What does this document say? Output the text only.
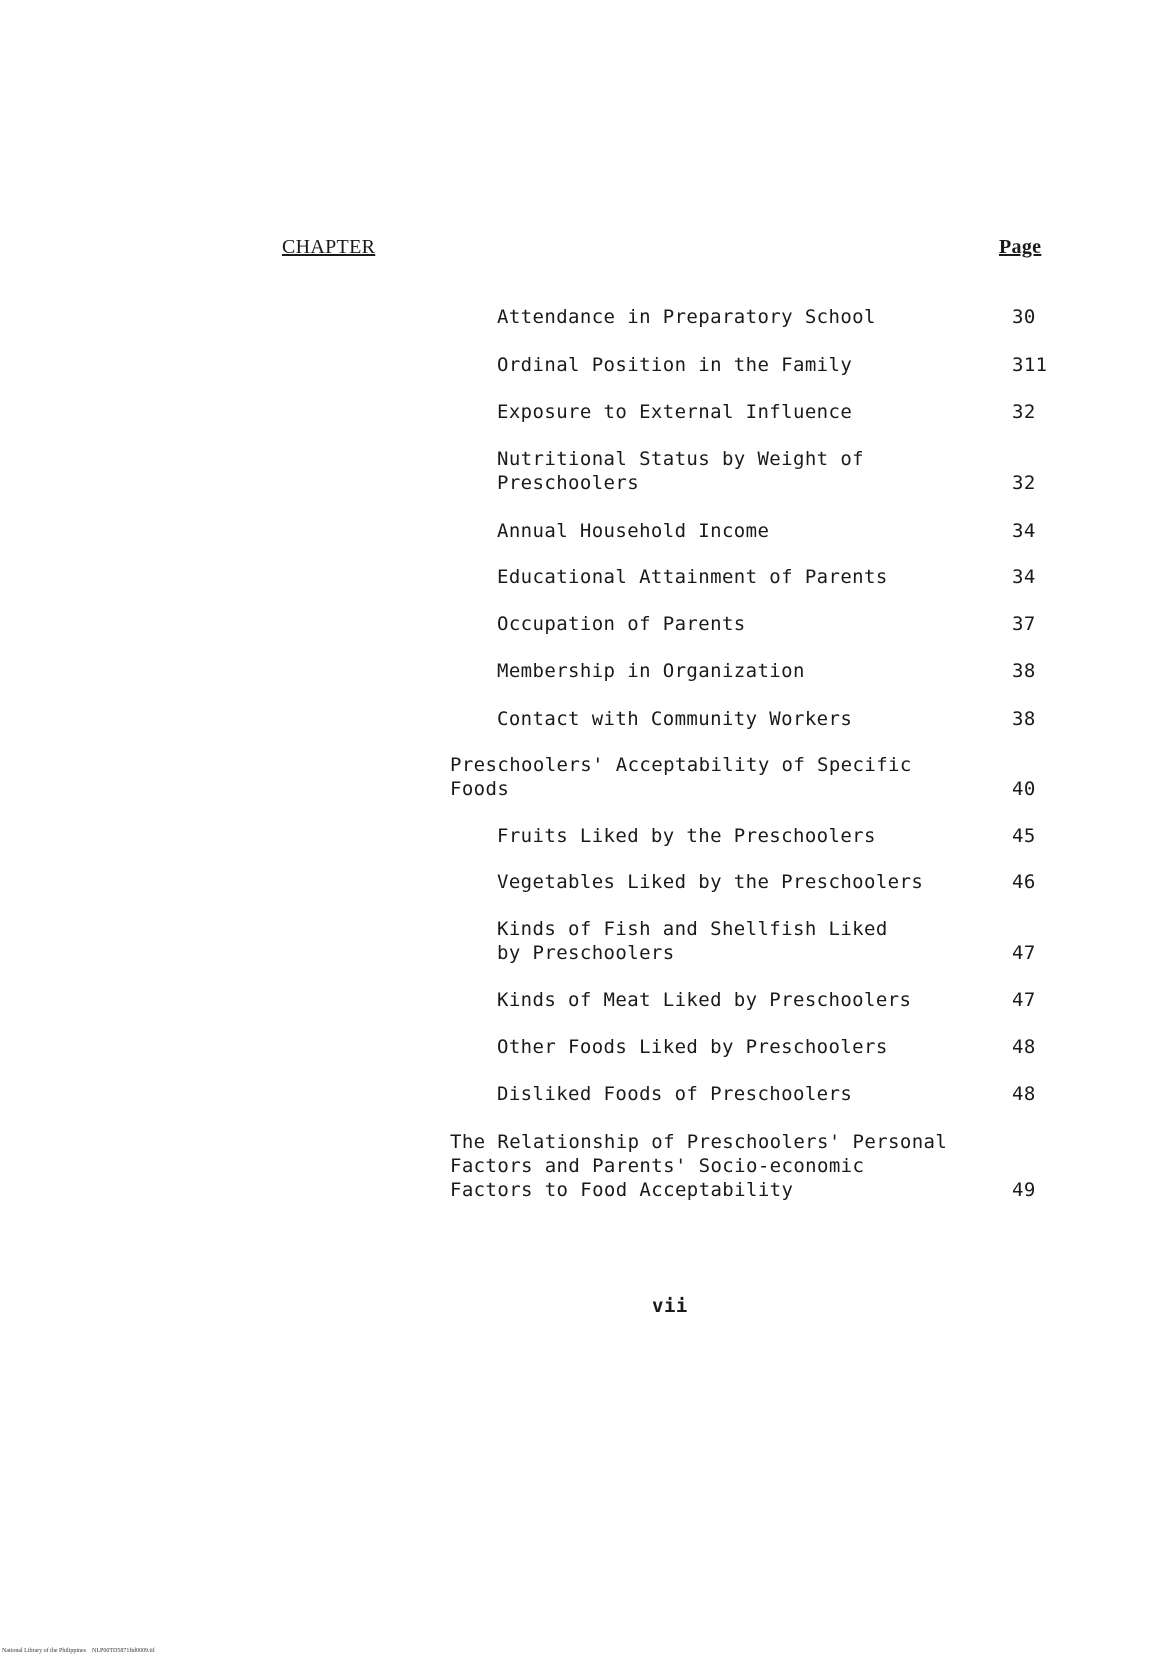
CHAPTER	Page
Attendance in Preparatory School	30
Ordinal Position in the Family	311
Exposure to External Influence	32
Nutritional Status by Weight of
Preschoolers	32
Annual Household Income	34
Educational Attainment of Parents	34
Occupation of Parents	37
Membership in Organization	38
Contact with Community Workers	38
Preschoolers' Acceptability of Specific
Foods	40
Fruits Liked by the Preschoolers	45
Vegetables Liked by the Preschoolers	46
Kinds of Fish and Shellfish Liked
by Preschoolers	47
Kinds of Meat Liked by Preschoolers	47
Other Foods Liked by Preschoolers	48
Disliked Foods of Preschoolers	48
The Relationship of Preschoolers' Personal
Factors and Parents' Socio-economic
Factors to Food Acceptability	49
vii
National Library of the Philippines NLP00TD5871ftd0009.tif
